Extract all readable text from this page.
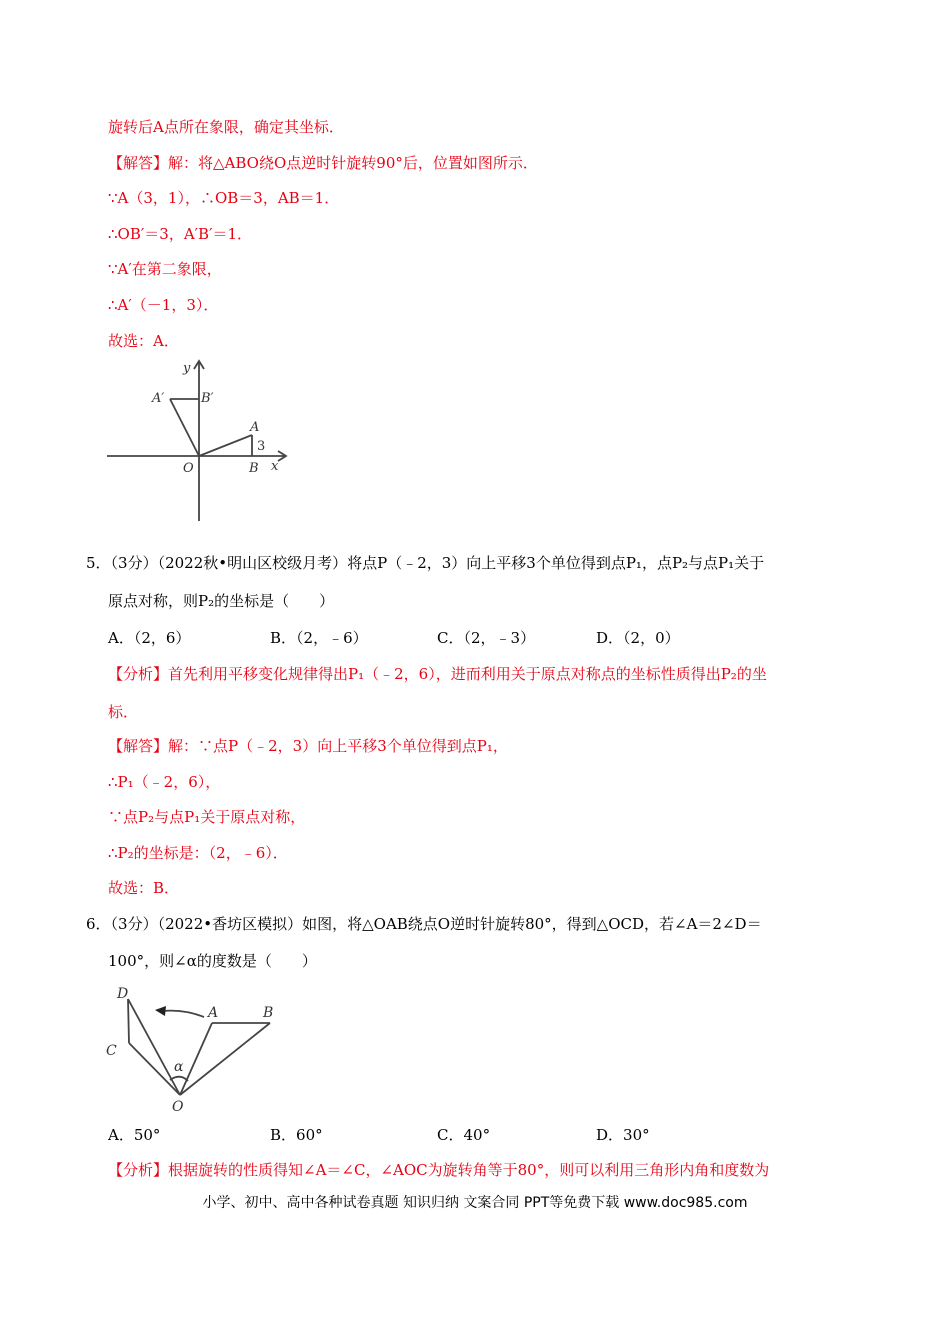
旋转后A点所在象限，确定其坐标．
【解答】解：将△ABO绕O点逆时针旋转90°后，位置如图所示．
∵A（3，1），∴OB＝3，AB＝1．
∴OB′＝3，A′B′＝1．
∵A′在第二象限，
∴A′（－1，3）．
故选：A．
y
x
O
A
B
A′	B′
3
5．（3分）（2022秋•明山区校级月考）将点P（﹣2，3）向上平移3个单位得到点P₁，点P₂与点P₁关于
原点对称，则P₂的坐标是（　　）
A．（2，6）	B．（2，﹣6）	C．（2，﹣3）	D．（2，0）
【分析】首先利用平移变化规律得出P₁（﹣2，6），进而利用关于原点对称点的坐标性质得出P₂的坐
标．
【解答】解：∵点P（﹣2，3）向上平移3个单位得到点P₁，
∴P₁（﹣2，6），
∵点P₂与点P₁关于原点对称，
∴P₂的坐标是：（2，﹣6）．
故选：B．
6．（3分）（2022•香坊区模拟）如图，将△OAB绕点O逆时针旋转80°，得到△OCD，若∠A＝2∠D＝
100°，则∠α的度数是（　　）
D
C
A	B
O
α
A．50°	B．60°	C．40°	D．30°
【分析】根据旋转的性质得知∠A＝∠C，∠AOC为旋转角等于80°，则可以利用三角形内角和度数为
小学、初中、高中各种试卷真题 知识归纳 文案合同 PPT等免费下载 www.doc985.com
